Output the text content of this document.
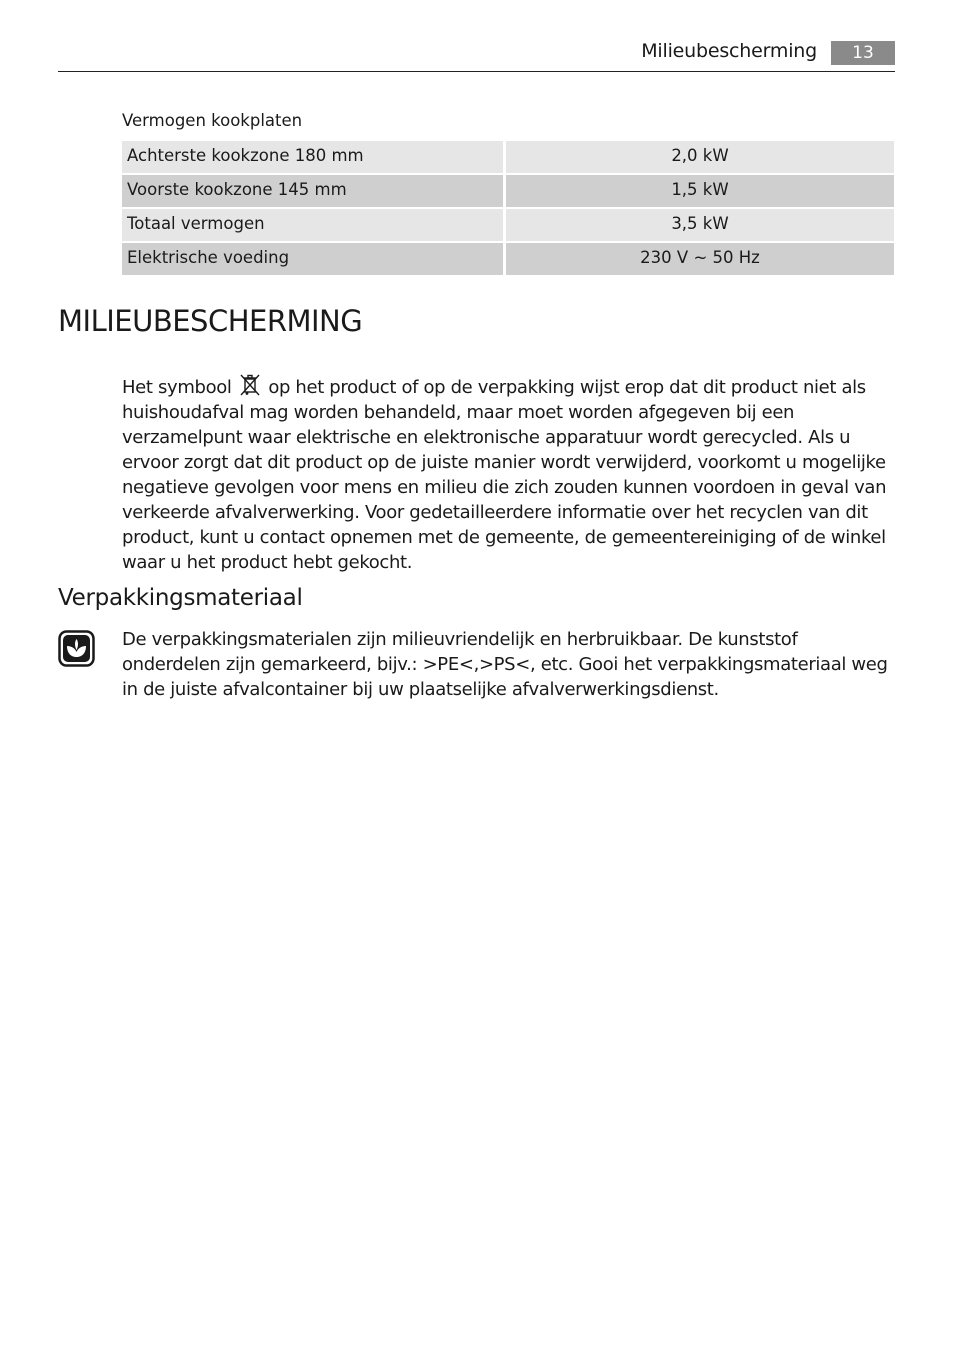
Milieubescherming	13
Vermogen kookplaten
Achterste kookzone 180 mm	2,0 kW
Voorste kookzone 145 mm	1,5 kW
Totaal vermogen	3,5 kW
Elektrische voeding	230 V ~ 50 Hz
MILIEUBESCHERMING
Het symbool op het product of op de verpakking wijst erop dat dit product niet als huishoudafval mag worden behandeld, maar moet worden afgegeven bij een verzamelpunt waar elektrische en elektronische apparatuur wordt gerecycled. Als u ervoor zorgt dat dit product op de juiste manier wordt verwijderd, voorkomt u mogelijke negatieve gevolgen voor mens en milieu die zich zouden kunnen voordoen in geval van verkeerde afvalverwerking. Voor gedetailleerdere informatie over het recyclen van dit product, kunt u contact opnemen met de gemeente, de gemeentereiniging of de winkel waar u het product hebt gekocht.
Verpakkingsmateriaal
De verpakkingsmaterialen zijn milieuvriendelijk en herbruikbaar. De kunststof onderdelen zijn gemarkeerd, bijv.: >PE<,>PS<, etc. Gooi het verpakkingsmateriaal weg in de juiste afvalcontainer bij uw plaatselijke afvalverwerkingsdienst.
